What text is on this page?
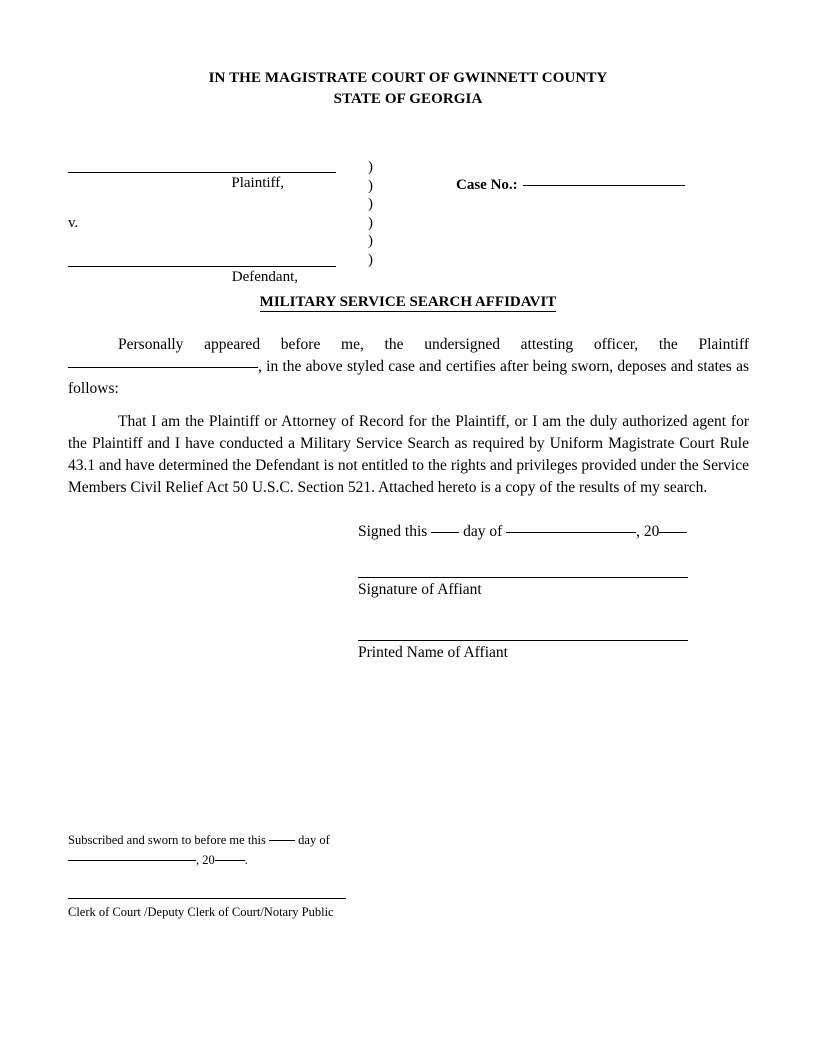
IN THE MAGISTRATE COURT OF GWINNETT COUNTY
STATE OF GEORGIA
Plaintiff,
v.
Defendant,
)
)
)
)
)
)
Case No.:
MILITARY SERVICE SEARCH AFFIDAVIT

Personally appeared before me, the undersigned attesting officer, the Plaintiff
, in the above styled case and certifies after being sworn, deposes and states as follows:

That I am the Plaintiff or Attorney of Record for the Plaintiff, or I am the duly authorized agent for the Plaintiff and I have conducted a Military Service Search as required by Uniform Magistrate Court Rule 43.1 and have determined the Defendant is not entitled to the rights and privileges provided under the Service Members Civil Relief Act 50 U.S.C. Section 521. Attached hereto is a copy of the results of my search.

Signed this day of	, 20
Signature of Affiant
Printed Name of Affiant
Subscribed and sworn to before me this	day of
, 20 .
Clerk of Court /Deputy Clerk of Court/Notary Public
